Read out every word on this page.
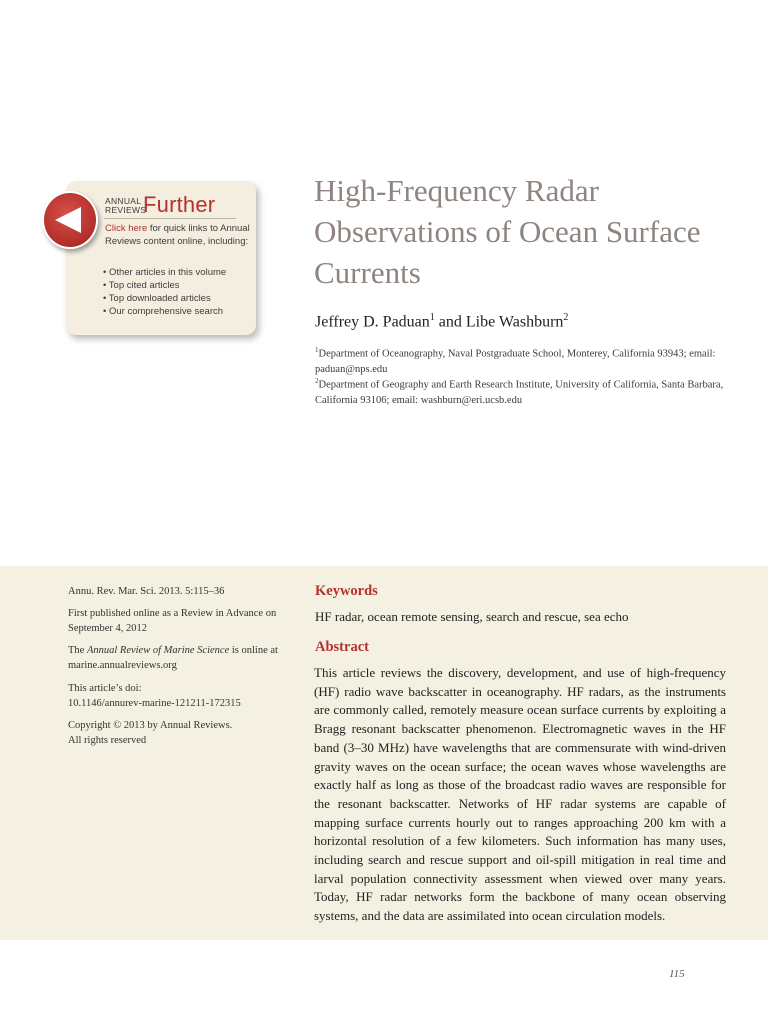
ANNUAL
REVIEWS
Further
Click here for quick links to Annual Reviews content online, including:
• Other articles in this volume
• Top cited articles
• Top downloaded articles
• Our comprehensive search
High-Frequency Radar Observations of Ocean Surface Currents
Jeffrey D. Paduan$^1$ and Libe Washburn$^2$
$^1$Department of Oceanography, Naval Postgraduate School, Monterey, California 93943; email: paduan@nps.edu
$^2$Department of Geography and Earth Research Institute, University of California, Santa Barbara, California 93106; email: washburn@eri.ucsb.edu
Annu. Rev. Mar. Sci. 2013. 5:115–36
First published online as a Review in Advance on September 4, 2012
The Annual Review of Marine Science is online at marine.annualreviews.org
This article’s doi:
10.1146/annurev-marine-121211-172315
Copyright © 2013 by Annual Reviews.
All rights reserved
Keywords
HF radar, ocean remote sensing, search and rescue, sea echo
Abstract

This article reviews the discovery, development, and use of high-frequency (HF) radio wave backscatter in oceanography. HF radars, as the instruments are commonly called, remotely measure ocean surface currents by exploiting a Bragg resonant backscatter phenomenon. Electromagnetic waves in the HF band (3–30 MHz) have wavelengths that are commensurate with wind-driven gravity waves on the ocean surface; the ocean waves whose wavelengths are exactly half as long as those of the broadcast radio waves are responsible for the resonant backscatter. Networks of HF radar systems are capable of mapping surface currents hourly out to ranges approaching 200 km with a horizontal resolution of a few kilometers. Such information has many uses, including search and rescue support and oil-spill mitigation in real time and larval population connectivity assessment when viewed over many years. Today, HF radar networks form the backbone of many ocean observing systems, and the data are assimilated into ocean circulation models.

115
